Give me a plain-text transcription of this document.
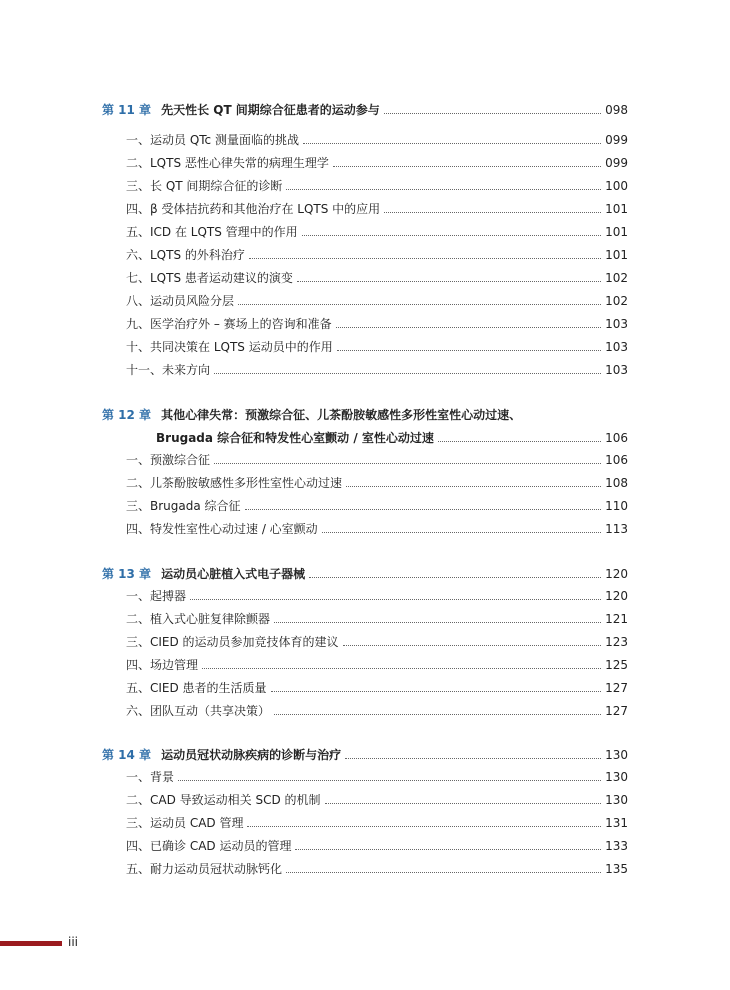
第 11 章 先天性长 QT 间期综合征患者的运动参与	098
一、运动员 QTc 测量面临的挑战	099
二、LQTS 恶性心律失常的病理生理学	099
三、长 QT 间期综合征的诊断	100
四、β 受体拮抗药和其他治疗在 LQTS 中的应用	101
五、ICD 在 LQTS 管理中的作用	101
六、LQTS 的外科治疗	101
七、LQTS 患者运动建议的演变	102
八、运动员风险分层	102
九、医学治疗外 – 赛场上的咨询和准备	103
十、共同决策在 LQTS 运动员中的作用	103
十一、未来方向	103
第 12 章 其他心律失常：预激综合征、儿茶酚胺敏感性多形性室性心动过速、
Brugada 综合征和特发性心室颤动 / 室性心动过速	106
一、预激综合征	106
二、儿茶酚胺敏感性多形性室性心动过速	108
三、Brugada 综合征	110
四、特发性室性心动过速 / 心室颤动	113
第 13 章 运动员心脏植入式电子器械	120
一、起搏器	120
二、植入式心脏复律除颤器	121
三、CIED 的运动员参加竞技体育的建议	123
四、场边管理	125
五、CIED 患者的生活质量	127
六、团队互动（共享决策）	127
第 14 章 运动员冠状动脉疾病的诊断与治疗	130
一、背景	130
二、CAD 导致运动相关 SCD 的机制	130
三、运动员 CAD 管理	131
四、已确诊 CAD 运动员的管理	133
五、耐力运动员冠状动脉钙化	135
iii
